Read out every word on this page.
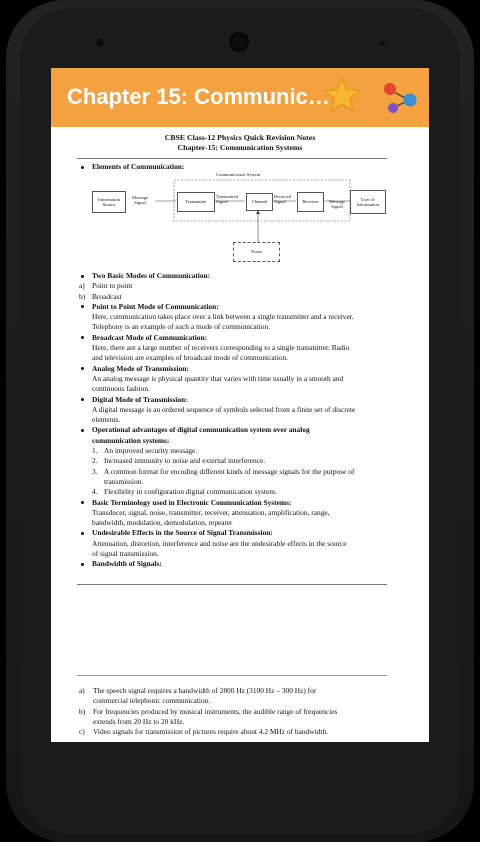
Chapter 15: Communic…
CBSE Class-12 Physics Quick Revision Notes
Chapter-15: Communication Systems
Elements of Communication:
Communication System
Information Source
Message Signal	Transmitter
Transmitted Signal	Channel
Received Signal	Receiver	Message Signal
User of Information
Noise
Two Basic Modes of Communication:
a) Point to point
b) Broadcast
Point to Point Mode of Communication:
Here, communication takes place over a link between a single transmitter and a receiver.
Telephony is an example of such a mode of communication.
Broadcast Mode of Communication:
Here, there are a large number of receivers corresponding to a single transmitter. Radio
and television are examples of broadcast mode of communication.
Analog Mode of Transmission:
An analog message is physical quantity that varies with time usually in a smooth and
continuous fashion.
Digital Mode of Transmission:
A digital message is an ordered sequence of symbols selected from a finite set of discrete
elements.
Operational advantages of digital communication system over analog
communication systems:
1. An improved security message.
2. Increased immunity to noise and external interference.
3. A common format for encoding different kinds of message signals for the purpose of
transmission.
4. Flexibility in configuration digital communication system.
Basic Terminology used in Electronic Communication Systems:
Transducer, signal, noise, transmitter, receiver, attenuation, amplification, range,
bandwidth, modulation, demodulation, repeater
Undesirable Effects in the Source of Signal Transmission:
Attenuation, distortion, interference and noise are the undesirable effects in the source
of signal transmission.
Bandwidth of Signals:
a) The speech signal requires a bandwidth of 2800 Hz (3100 Hz – 300 Hz) for
commercial telephonic communication.
b) For frequencies produced by musical instruments, the audible range of frequencies
extends from 20 Hz to 20 kHz.
c) Video signals for transmission of pictures require about 4.2 MHz of bandwidth.
